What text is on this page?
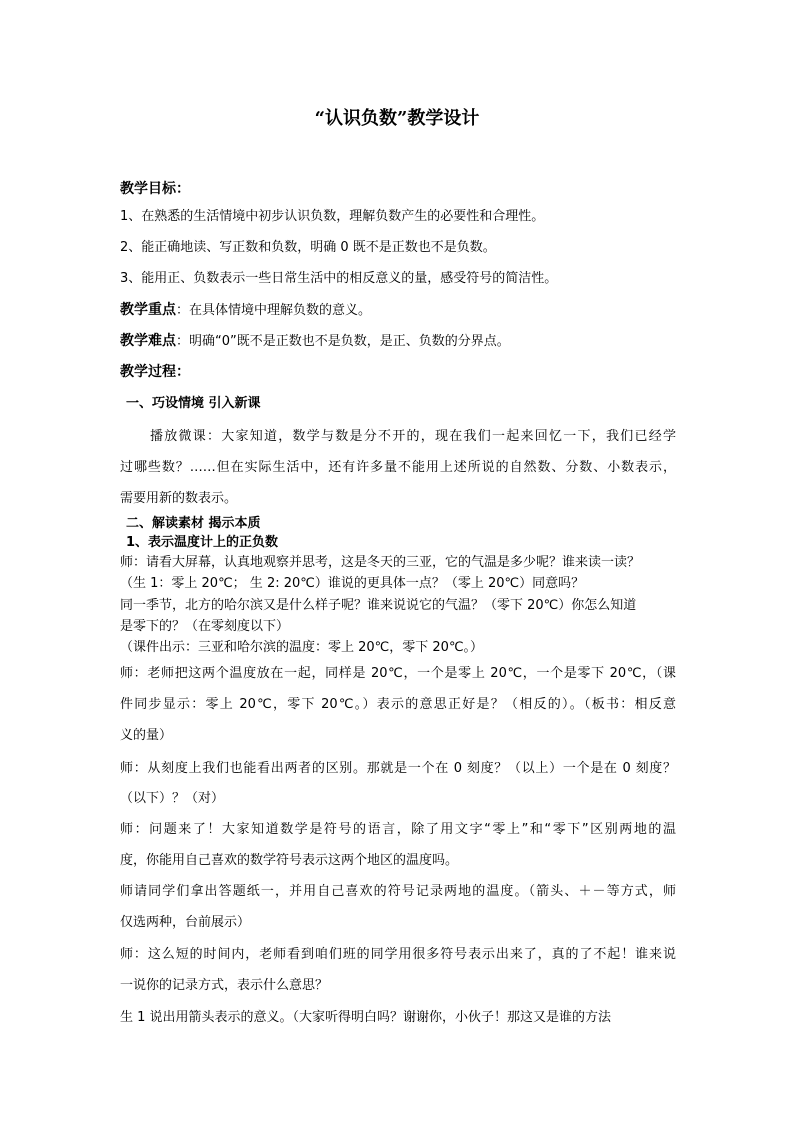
“认识负数”教学设计
教学目标：
1、在熟悉的生活情境中初步认识负数，理解负数产生的必要性和合理性。
2、能正确地读、写正数和负数，明确 0 既不是正数也不是负数。
3、能用正、负数表示一些日常生活中的相反意义的量，感受符号的简洁性。
教学重点：在具体情境中理解负数的意义。
教学难点：明确“0”既不是正数也不是负数，是正、负数的分界点。
教学过程：
一、巧设情境 引入新课
播放微课：大家知道，数学与数是分不开的，现在我们一起来回忆一下，我们已经学
过哪些数？……但在实际生活中，还有许多量不能用上述所说的自然数、分数、小数表示，
需要用新的数表示。
二、解读素材 揭示本质
1、表示温度计上的正负数
师：请看大屏幕，认真地观察并思考，这是冬天的三亚，它的气温是多少呢？谁来读一读？
（生 1：零上 20℃； 生 2: 20℃）谁说的更具体一点？（零上 20℃）同意吗？
同一季节，北方的哈尔滨又是什么样子呢？谁来说说它的气温？（零下 20℃）你怎么知道
是零下的？（在零刻度以下）
（课件出示：三亚和哈尔滨的温度：零上 20℃，零下 20℃。）
师：老师把这两个温度放在一起，同样是 20℃，一个是零上 20℃，一个是零下 20℃，（课
件同步显示：零上 20℃，零下 20℃。）表示的意思正好是？（相反的）。（板书：相反意
义的量）
师：从刻度上我们也能看出两者的区别。那就是一个在 0 刻度？（以上）一个是在 0 刻度？
（以下）？（对）
师：问题来了！大家知道数学是符号的语言，除了用文字“零上”和“零下”区别两地的温
度，你能用自己喜欢的数学符号表示这两个地区的温度吗。
师请同学们拿出答题纸一，并用自己喜欢的符号记录两地的温度。（箭头、＋－等方式，师
仅选两种，台前展示）
师：这么短的时间内，老师看到咱们班的同学用很多符号表示出来了，真的了不起！谁来说
一说你的记录方式，表示什么意思？
生 1 说出用箭头表示的意义。（大家听得明白吗？谢谢你，小伙子！那这又是谁的方法
